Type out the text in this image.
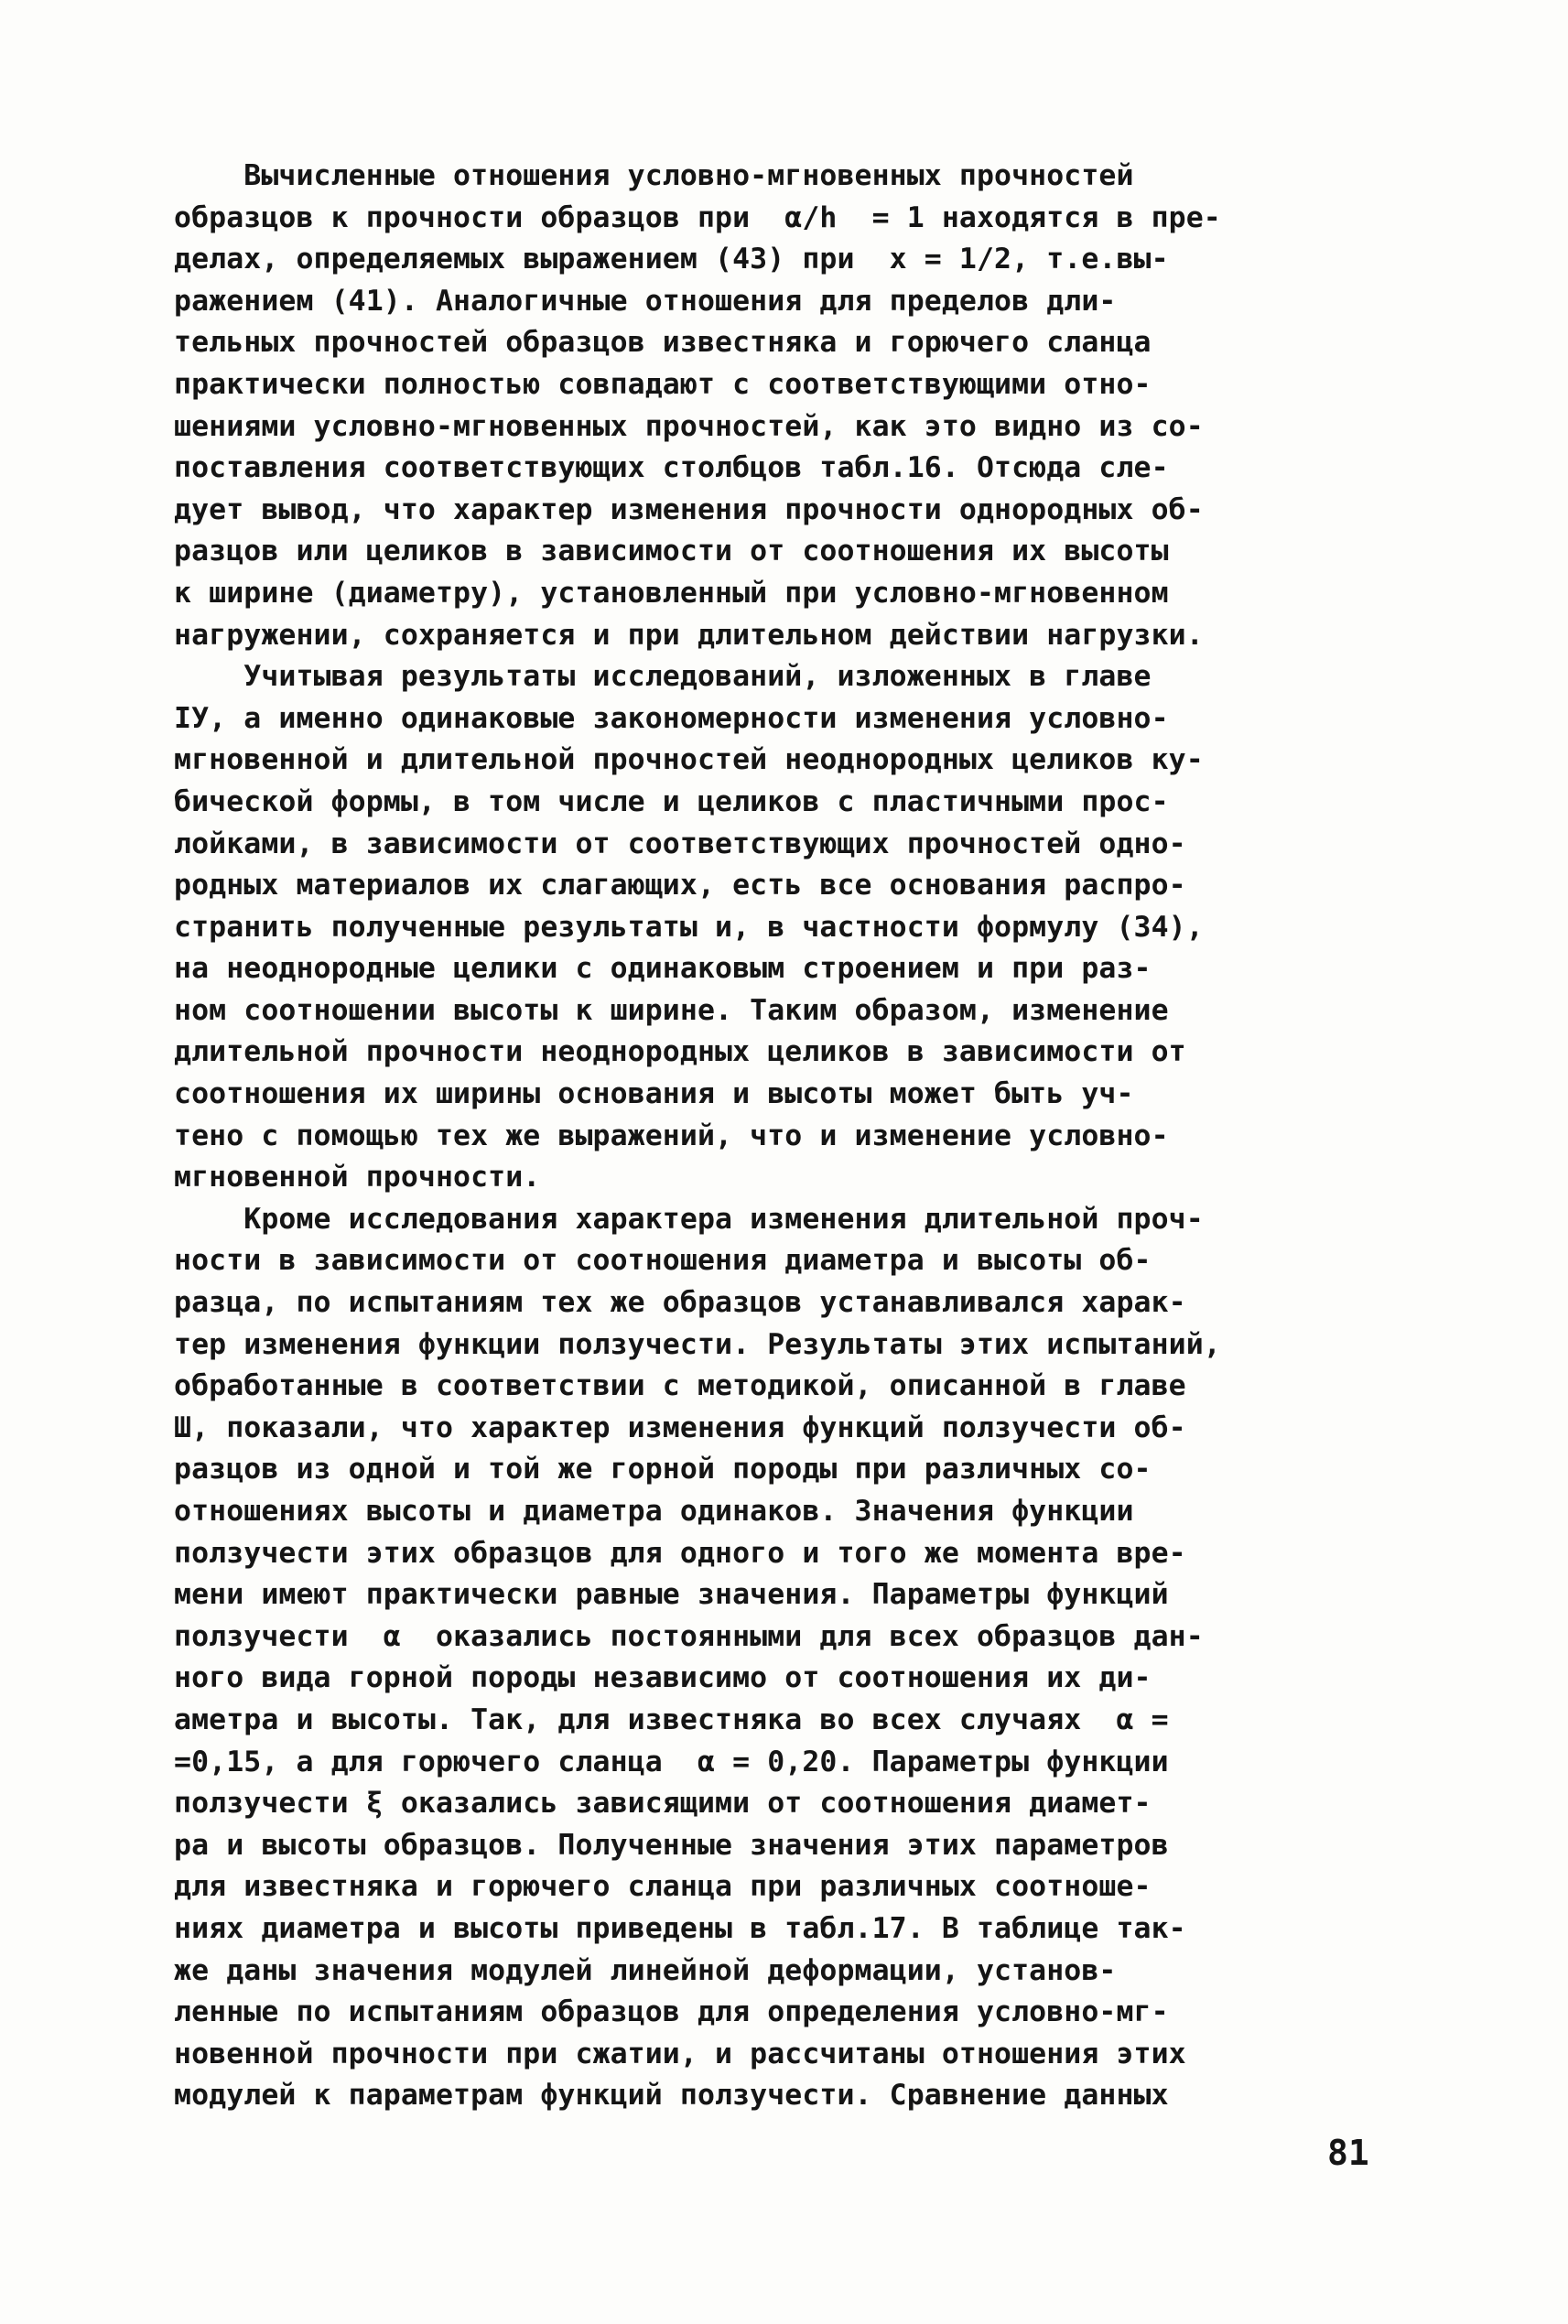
Вычисленные отношения условно-мгновенных прочностей
образцов к прочности образцов при  α/h  = 1 находятся в пре-
делах, определяемых выражением (43) при  x = 1/2, т.е.вы-
ражением (41). Аналогичные отношения для пределов дли-
тельных прочностей образцов известняка и горючего сланца
практически полностью совпадают с соответствующими отно-
шениями условно-мгновенных прочностей, как это видно из со-
поставления соответствующих столбцов табл.16. Отсюда сле-
дует вывод, что характер изменения прочности однородных об-
разцов или целиков в зависимости от соотношения их высоты
к ширине (диаметру), установленный при условно-мгновенном
нагружении, сохраняется и при длительном действии нагрузки.
Учитывая результаты исследований, изложенных в главе
IУ, а именно одинаковые закономерности изменения условно-
мгновенной и длительной прочностей неоднородных целиков ку-
бической формы, в том числе и целиков с пластичными прос-
лойками, в зависимости от соответствующих прочностей одно-
родных материалов их слагающих, есть все основания распро-
странить полученные результаты и, в частности формулу (34),
на неоднородные целики с одинаковым строением и при раз-
ном соотношении высоты к ширине. Таким образом, изменение
длительной прочности неоднородных целиков в зависимости от
соотношения их ширины основания и высоты может быть уч-
тено с помощью тех же выражений, что и изменение условно-
мгновенной прочности.
Кроме исследования характера изменения длительной проч-
ности в зависимости от соотношения диаметра и высоты об-
разца, по испытаниям тех же образцов устанавливался харак-
тер изменения функции ползучести. Результаты этих испытаний,
обработанные в соответствии с методикой, описанной в главе
Ш, показали, что характер изменения функций ползучести об-
разцов из одной и той же горной породы при различных со-
отношениях высоты и диаметра одинаков. Значения функции
ползучести этих образцов для одного и того же момента вре-
мени имеют практически равные значения. Параметры функций
ползучести  α  оказались постоянными для всех образцов дан-
ного вида горной породы независимо от соотношения их ди-
аметра и высоты. Так, для известняка во всех случаях  α =
=0,15, а для горючего сланца  α = 0,20. Параметры функции
ползучести ξ оказались зависящими от соотношения диамет-
ра и высоты образцов. Полученные значения этих параметров
для известняка и горючего сланца при различных соотноше-
ниях диаметра и высоты приведены в табл.17. В таблице так-
же даны значения модулей линейной деформации, установ-
ленные по испытаниям образцов для определения условно-мг-
новенной прочности при сжатии, и рассчитаны отношения этих
модулей к параметрам функций ползучести. Сравнение данных
81
